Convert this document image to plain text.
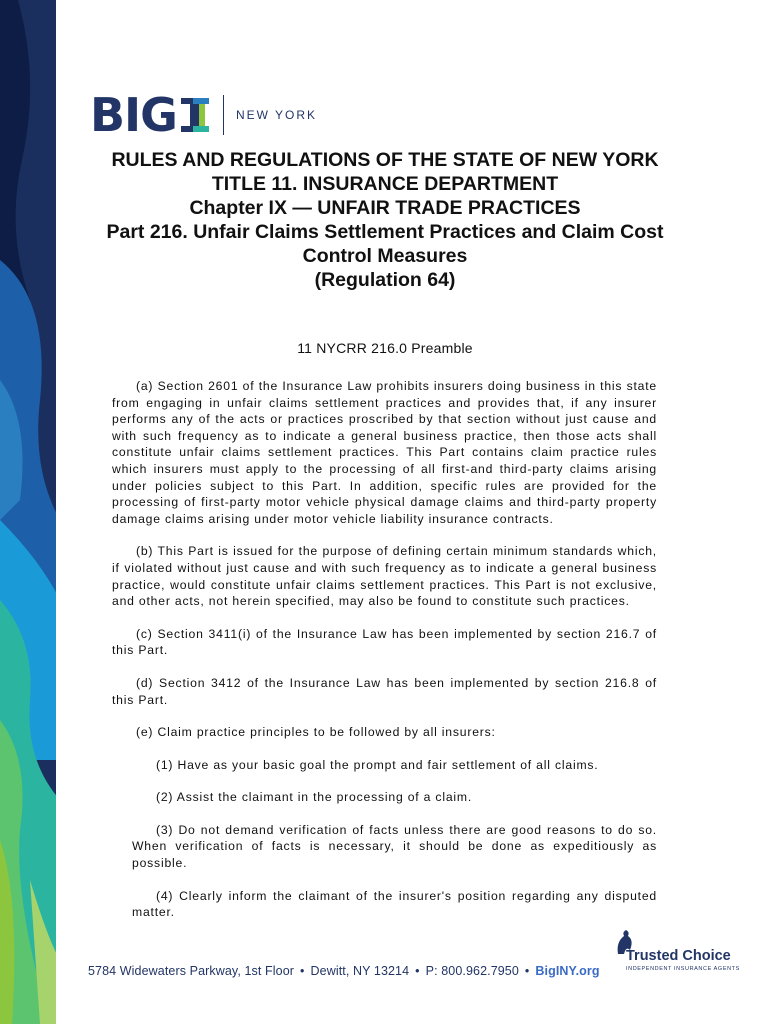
BIG	NEW YORK
RULES AND REGULATIONS OF THE STATE OF NEW YORK
TITLE 11. INSURANCE DEPARTMENT
Chapter IX — UNFAIR TRADE PRACTICES
Part 216. Unfair Claims Settlement Practices and Claim Cost Control Measures
(Regulation 64)
11 NYCRR 216.0 Preamble

(a) Section 2601 of the Insurance Law prohibits insurers doing business in this state from engaging in unfair claims settlement practices and provides that, if any insurer performs any of the acts or practices proscribed by that section without just cause and with such frequency as to indicate a general business practice, then those acts shall constitute unfair claims settlement practices. This Part contains claim practice rules which insurers must apply to the processing of all first-and third-party claims arising under policies subject to this Part. In addition, specific rules are provided for the processing of first-party motor vehicle physical damage claims and third-party property damage claims arising under motor vehicle liability insurance contracts.

(b) This Part is issued for the purpose of defining certain minimum standards which, if violated without just cause and with such frequency as to indicate a general business practice, would constitute unfair claims settlement practices. This Part is not exclusive, and other acts, not herein specified, may also be found to constitute such practices.

(c) Section 3411(i) of the Insurance Law has been implemented by section 216.7 of this Part.

(d) Section 3412 of the Insurance Law has been implemented by section 216.8 of this Part.

(e) Claim practice principles to be followed by all insurers:

(1) Have as your basic goal the prompt and fair settlement of all claims.

(2) Assist the claimant in the processing of a claim.

(3) Do not demand verification of facts unless there are good reasons to do so. When verification of facts is necessary, it should be done as expeditiously as possible.

(4) Clearly inform the claimant of the insurer's position regarding any disputed matter.

5784 Widewaters Parkway, 1st Floor • Dewitt, NY 13214 • P: 800.962.7950 • BigINY.org
Trusted Choice
INDEPENDENT INSURANCE AGENTS
